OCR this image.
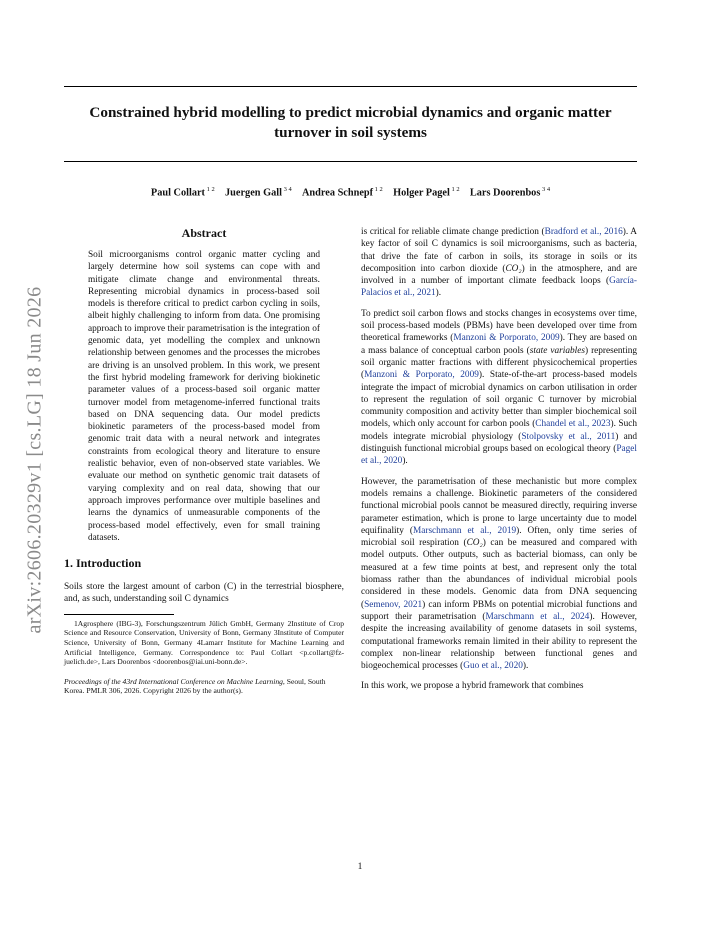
Constrained hybrid modelling to predict microbial dynamics and organic matter turnover in soil systems
Paul Collart $^{1 2}$   Juergen Gall $^{3 4}$   Andrea Schnepf $^{1 2}$   Holger Pagel $^{1 2}$   Lars Doorenbos $^{3 4}$
arXiv:2606.20329v1 [cs.LG] 18 Jun 2026
Abstract

Soil microorganisms control organic matter cycling and largely determine how soil systems can cope with and mitigate climate change and environmental threats. Representing microbial dynamics in process-based soil models is therefore critical to predict carbon cycling in soils, albeit highly challenging to inform from data. One promising approach to improve their parametrisation is the integration of genomic data, yet modelling the complex and unknown relationship between genomes and the processes the microbes are driving is an unsolved problem. In this work, we present the first hybrid modeling framework for deriving biokinetic parameter values of a process-based soil organic matter turnover model from metagenome-inferred functional traits based on DNA sequencing data. Our model predicts biokinetic parameters of the process-based model from genomic trait data with a neural network and integrates constraints from ecological theory and literature to ensure realistic behavior, even of non-observed state variables. We evaluate our method on synthetic genomic trait datasets of varying complexity and on real data, showing that our approach improves performance over multiple baselines and learns the dynamics of unmeasurable components of the process-based model effectively, even for small training datasets.

1. Introduction

Soils store the largest amount of carbon (C) in the terrestrial biosphere, and, as such, understanding soil C dynamics

1Agrosphere (IBG-3), Forschungszentrum Jülich GmbH, Germany 2Institute of Crop Science and Resource Conservation, University of Bonn, Germany 3Institute of Computer Science, University of Bonn, Germany 4Lamarr Institute for Machine Learning and Artificial Intelligence, Germany. Correspondence to: Paul Collart <p.collart@fz-juelich.de>, Lars Doorenbos <doorenbos@iai.uni-bonn.de>.
Proceedings of the 43rd International Conference on Machine Learning, Seoul, South Korea. PMLR 306, 2026. Copyright 2026 by the author(s).

is critical for reliable climate change prediction (Bradford et al., 2016). A key factor of soil C dynamics is soil microorganisms, such as bacteria, that drive the fate of carbon in soils, its storage in soils or its decomposition into carbon dioxide (CO₂) in the atmosphere, and are involved in a number of important climate feedback loops (García-Palacios et al., 2021).

To predict soil carbon flows and stocks changes in ecosystems over time, soil process-based models (PBMs) have been developed over time from theoretical frameworks (Manzoni & Porporato, 2009). They are based on a mass balance of conceptual carbon pools (state variables) representing soil organic matter fractions with different physicochemical properties (Manzoni & Porporato, 2009). State-of-the-art process-based models integrate the impact of microbial dynamics on carbon utilisation in order to represent the regulation of soil organic C turnover by microbial community composition and activity better than simpler biochemical soil models, which only account for carbon pools (Chandel et al., 2023). Such models integrate microbial physiology (Stolpovsky et al., 2011) and distinguish functional microbial groups based on ecological theory (Pagel et al., 2020).

However, the parametrisation of these mechanistic but more complex models remains a challenge. Biokinetic parameters of the considered functional microbial pools cannot be measured directly, requiring inverse parameter estimation, which is prone to large uncertainty due to model equifinality (Marschmann et al., 2019). Often, only time series of microbial soil respiration (CO₂) can be measured and compared with model outputs. Other outputs, such as bacterial biomass, can only be measured at a few time points at best, and represent only the total biomass rather than the abundances of individual microbial pools considered in these models. Genomic data from DNA sequencing (Semenov, 2021) can inform PBMs on potential microbial functions and support their parametrisation (Marschmann et al., 2024). However, despite the increasing availability of genome datasets in soil systems, computational frameworks remain limited in their ability to represent the complex non-linear relationship between functional genes and biogeochemical processes (Guo et al., 2020).

In this work, we propose a hybrid framework that combines

1
